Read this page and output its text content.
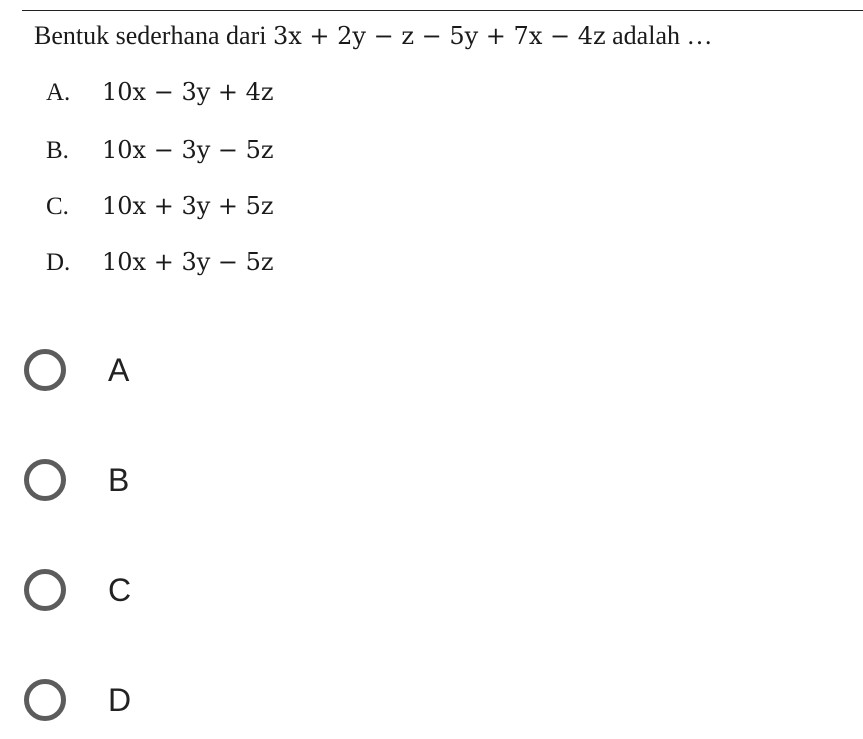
Bentuk sederhana dari 3x + 2y − z − 5y + 7x − 4z adalah …
A. 10x − 3y + 4z
B. 10x − 3y − 5z
C. 10x + 3y + 5z
D. 10x + 3y − 5z
A
B
C
D
